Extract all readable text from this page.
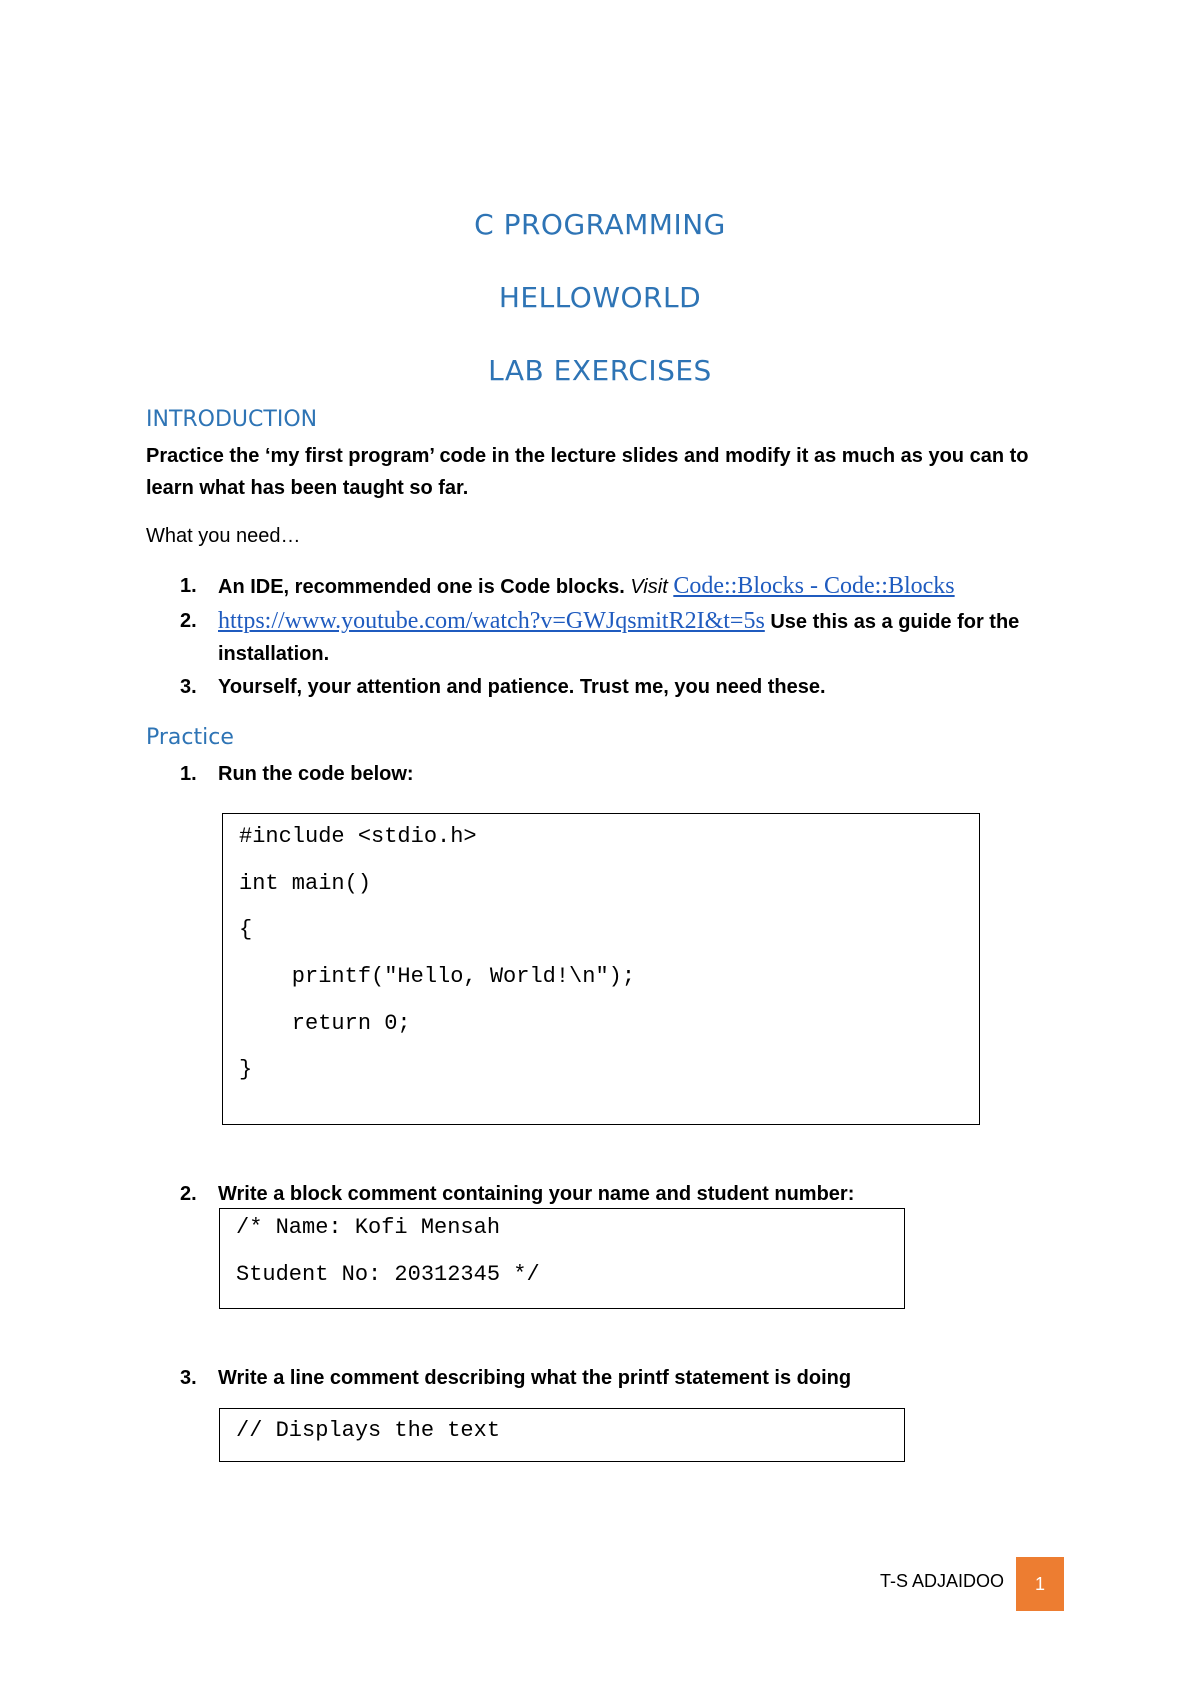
C PROGRAMMING
HELLOWORLD
LAB EXERCISES
INTRODUCTION

Practice the ‘my first program’ code in the lecture slides and modify it as much as you can to learn what has been taught so far.

What you need…

1. An IDE, recommended one is Code blocks. Visit Code::Blocks - Code::Blocks
2. https://www.youtube.com/watch?v=GWJqsmitR2I&t=5s Use this as a guide for the installation.
3. Yourself, your attention and patience. Trust me, you need these.
Practice
1. Run the code below:
#include <stdio.h>
int main()
{
printf("Hello, World!\n");
return 0;
}
2. Write a block comment containing your name and student number:
/* Name: Kofi Mensah
Student No: 20312345 */
3. Write a line comment describing what the printf statement is doing
// Displays the text
T-S ADJAIDOO	1
